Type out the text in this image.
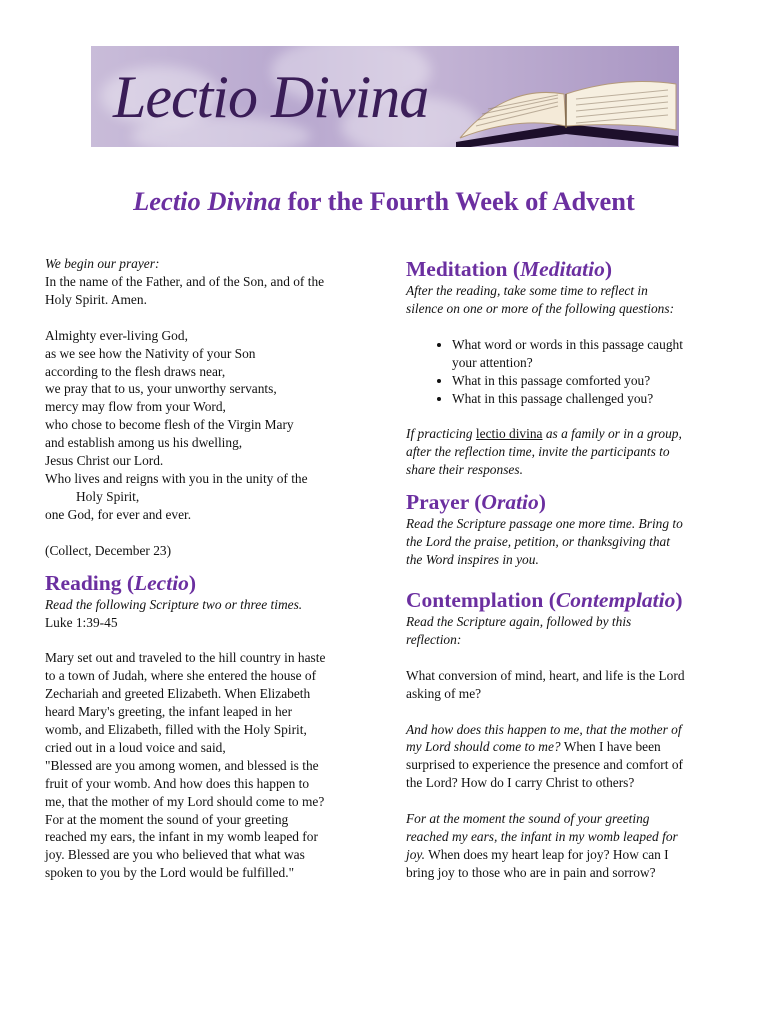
Lectio Divina
Lectio Divina for the Fourth Week of Advent

We begin our prayer:

In the name of the Father, and of the Son, and of the

Holy Spirit. Amen.

Almighty ever-living God,

as we see how the Nativity of your Son

according to the flesh draws near,

we pray that to us, your unworthy servants,

mercy may flow from your Word,

who chose to become flesh of the Virgin Mary

and establish among us his dwelling,

Jesus Christ our Lord.

Who lives and reigns with you in the unity of the

Holy Spirit,

one God, for ever and ever.

(Collect, December 23)

Reading (Lectio)

Read the following Scripture two or three times.

Luke 1:39-45

Mary set out and traveled to the hill country in haste

to a town of Judah, where she entered the house of

Zechariah and greeted Elizabeth. When Elizabeth

heard Mary's greeting, the infant leaped in her

womb, and Elizabeth, filled with the Holy Spirit,

cried out in a loud voice and said,

"Blessed are you among women, and blessed is the

fruit of your womb. And how does this happen to

me, that the mother of my Lord should come to me?

For at the moment the sound of your greeting

reached my ears, the infant in my womb leaped for

joy. Blessed are you who believed that what was

spoken to you by the Lord would be fulfilled."

Meditation (Meditatio)

After the reading, take some time to reflect in

silence on one or more of the following questions:

• What word or words in this passage caught
your attention?
• What in this passage comforted you?
• What in this passage challenged you?

If practicing lectio divina as a family or in a group,

after the reflection time, invite the participants to

share their responses.

Prayer (Oratio)

Read the Scripture passage one more time. Bring to

the Lord the praise, petition, or thanksgiving that

the Word inspires in you.

Contemplation (Contemplatio)

Read the Scripture again, followed by this

reflection:

What conversion of mind, heart, and life is the Lord

asking of me?

And how does this happen to me, that the mother of

my Lord should come to me? When I have been

surprised to experience the presence and comfort of

the Lord? How do I carry Christ to others?

For at the moment the sound of your greeting

reached my ears, the infant in my womb leaped for

joy. When does my heart leap for joy? How can I

bring joy to those who are in pain and sorrow?
